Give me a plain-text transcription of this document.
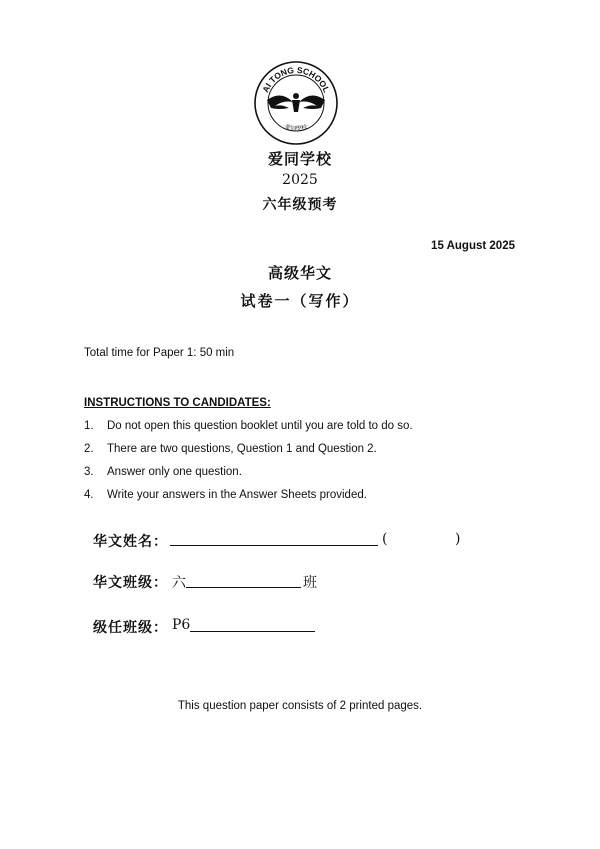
AI TONG SCHOOL
愛同學校
爱同学校
2025
六年级预考
15 August 2025
高级华文
试卷一（写作）
Total time for Paper 1: 50 min
INSTRUCTIONS TO CANDIDATES:
1. Do not open this question booklet until you are told to do so.
2. There are two questions, Question 1 and Question 2.
3. Answer only one question.
4. Write your answers in the Answer Sheets provided.
华文姓名：	(	)
华文班级： 六	班
级任班级： P6
This question paper consists of 2 printed pages.
